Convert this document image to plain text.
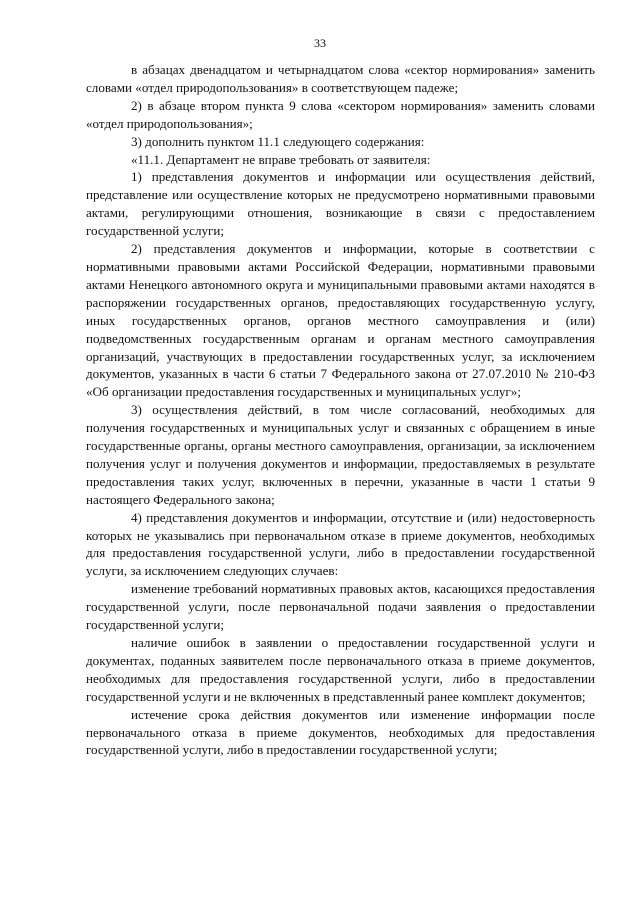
33

в абзацах двенадцатом и четырнадцатом слова «сектор нормирования» заменить словами «отдел природопользования» в соответствующем падеже;

2) в абзаце втором пункта 9 слова «сектором нормирования» заменить словами «отдел природопользования»;

3) дополнить пунктом 11.1 следующего содержания:

«11.1. Департамент не вправе требовать от заявителя:

1) представления документов и информации или осуществления действий, представление или осуществление которых не предусмотрено нормативными правовыми актами, регулирующими отношения, возникающие в связи с предоставлением государственной услуги;

2) представления документов и информации, которые в соответствии с нормативными правовыми актами Российской Федерации, нормативными правовыми актами Ненецкого автономного округа и муниципальными правовыми актами находятся в распоряжении государственных органов, предоставляющих государственную услугу, иных государственных органов, органов местного самоуправления и (или) подведомственных государственным органам и органам местного самоуправления организаций, участвующих в предоставлении государственных услуг, за исключением документов, указанных в части 6 статьи 7 Федерального закона от 27.07.2010 № 210-ФЗ «Об организации предоставления государственных и муниципальных услуг»;

3) осуществления действий, в том числе согласований, необходимых для получения государственных и муниципальных услуг и связанных с обращением в иные государственные органы, органы местного самоуправления, организации, за исключением получения услуг и получения документов и информации, предоставляемых в результате предоставления таких услуг, включенных в перечни, указанные в части 1 статьи 9 настоящего Федерального закона;

4) представления документов и информации, отсутствие и (или) недостоверность которых не указывались при первоначальном отказе в приеме документов, необходимых для предоставления государственной услуги, либо в предоставлении государственной услуги, за исключением следующих случаев:

изменение требований нормативных правовых актов, касающихся предоставления государственной услуги, после первоначальной подачи заявления о предоставлении государственной услуги;

наличие ошибок в заявлении о предоставлении государственной услуги и документах, поданных заявителем после первоначального отказа в приеме документов, необходимых для предоставления государственной услуги, либо в предоставлении государственной услуги и не включенных в представленный ранее комплект документов;

истечение срока действия документов или изменение информации после первоначального отказа в приеме документов, необходимых для предоставления государственной услуги, либо в предоставлении государственной услуги;
